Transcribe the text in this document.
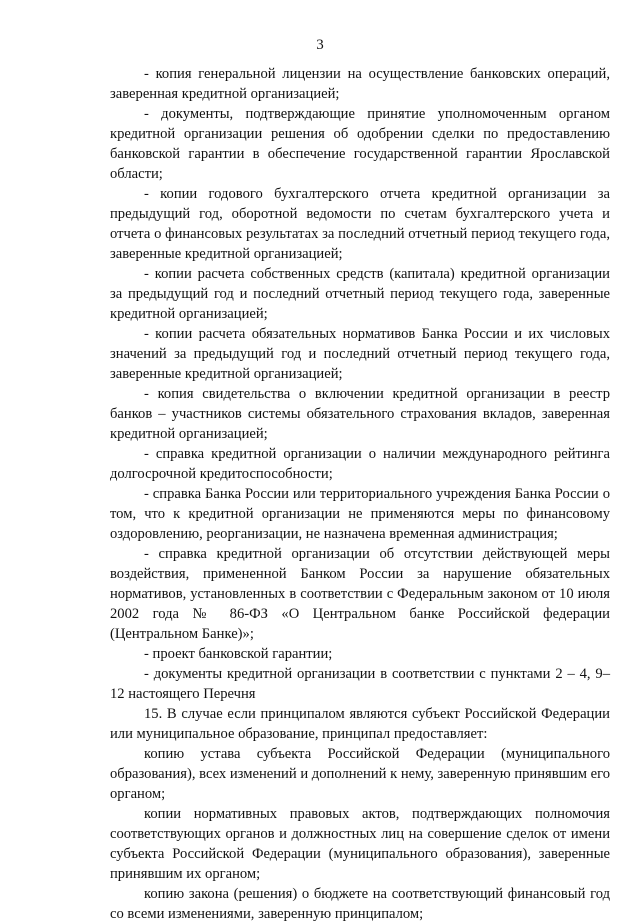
3

- копия генеральной лицензии на осуществление банковских операций, заверенная кредитной организацией;

- документы, подтверждающие принятие уполномоченным органом кредитной организации решения об одобрении сделки по предоставлению банковской гарантии в обеспечение государственной гарантии Ярославской области;

- копии годового бухгалтерского отчета кредитной организации за предыдущий год, оборотной ведомости по счетам бухгалтерского учета и отчета о финансовых результатах за последний отчетный период текущего года, заверенные кредитной организацией;

- копии расчета собственных средств (капитала) кредитной организации за предыдущий год и последний отчетный период текущего года, заверенные кредитной организацией;

- копии расчета обязательных нормативов Банка России и их числовых значений за предыдущий год и последний отчетный период текущего года, заверенные кредитной организацией;

- копия свидетельства о включении кредитной организации в реестр банков – участников системы обязательного страхования вкладов, заверенная кредитной организацией;

- справка кредитной организации о наличии международного рейтинга долгосрочной кредитоспособности;

- справка Банка России или территориального учреждения Банка России о том, что к кредитной организации не применяются меры по финансовому оздоровлению, реорганизации, не назначена временная администрация;

- справка кредитной организации об отсутствии действующей меры воздействия, примененной Банком России за нарушение обязательных нормативов, установленных в соответствии с Федеральным законом от 10 июля 2002 года № 86-ФЗ «О Центральном банке Российской федерации (Центральном Банке)»;

- проект банковской гарантии;

- документы кредитной организации в соответствии с пунктами 2 – 4, 9– 12 настоящего Перечня

15. В случае если принципалом являются субъект Российской Федерации или муниципальное образование, принципал предоставляет:

копию устава субъекта Российской Федерации (муниципального образования), всех изменений и дополнений к нему, заверенную принявшим его органом;

копии нормативных правовых актов, подтверждающих полномочия соответствующих органов и должностных лиц на совершение сделок от имени субъекта Российской Федерации (муниципального образования), заверенные принявшим их органом;

копию закона (решения) о бюджете на соответствующий финансовый год со всеми изменениями, заверенную принципалом;
